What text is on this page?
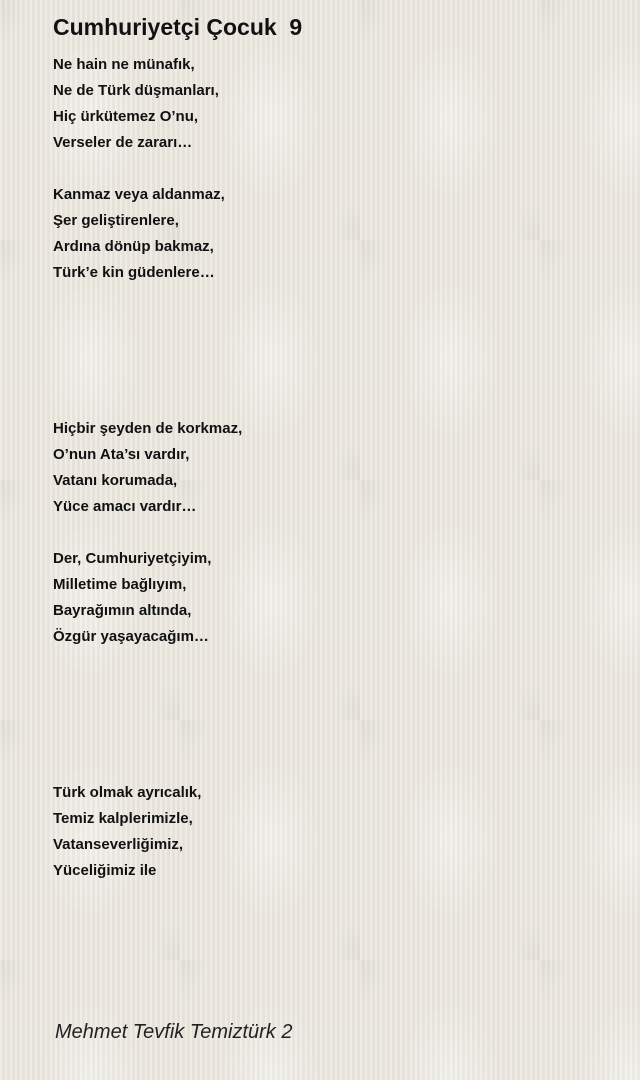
Cumhuriyetçi Çocuk  9
Ne hain ne münafık,
Ne de Türk düşmanları,
Hiç ürkütemez O’nu,
Verseler de zararı…
Kanmaz veya aldanmaz,
Şer geliştirenlere,
Ardına dönüp bakmaz,
Türk’e kin güdenlere…
Hiçbir şeyden de korkmaz,
O’nun Ata’sı vardır,
Vatanı korumada,
Yüce amacı vardır…
Der, Cumhuriyetçiyim,
Milletime bağlıyım,
Bayrağımın altında,
Özgür yaşayacağım…
Türk olmak ayrıcalık,
Temiz kalplerimizle,
Vatanseverliğimiz,
Yüceliğimiz ile
Mehmet Tevfik Temiztürk 2
